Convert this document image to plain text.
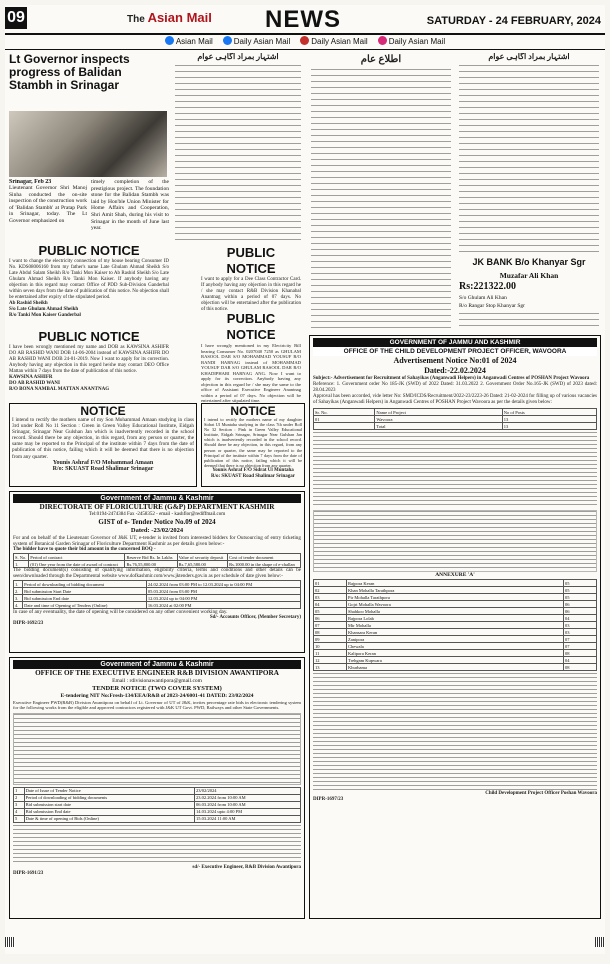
09	The Asian Mail NEWS	SATURDAY - 24 FEBRUARY, 2024
Asian Mail	Daily Asian Mail	Daily Asian Mail	Daily Asian Mail
Lt Governor inspects progress of Balidan Stambh in Srinagar
Srinagar, Feb 23
Lieutenant Governor Shri Manoj Sinha conducted the on-site inspection of the construction work of 'Balidan Stambh' at Pratap Park in Srinagar, today. The Lt Governor emphasized on
timely completion of the prestigious project. The foundation stone for the Balidan Stambh was laid by Hon'ble Union Minister for Home Affairs and Cooperation, Shri Amit Shah, during his visit to Srinagar in the month of June last year.
PUBLIC NOTICE
I want to change the electricity connection of my house bearing Consumer ID No. KDS08006160 from my father's name Late Ghulam Ahmad Sheikh S/o Late Abdul Salam Sheikh R/o Tanki Mon Kaiser to Ab Rashid Sheikh S/o Late Ghulam Ahmad Sheikh R/o Tanki Mon Kaiser. If anybody having any objection in this regard may contact Office of PDD Sub-Division Ganderbal within seven days from the date of publication of this notice. No objection shall be entertained after expiry of the stipulated period.
Ab Rashid Sheikh
S/o Late Ghulam Ahmad Sheikh
R/o Tanki Mon Kaiser Ganderbal
PUBLIC NOTICE
I have been wrongly mentioned my name and DOB as KAWSINA ASHIFR DO AB RASHID WANI DOB 14-06-2004 instead of KAWSINA ASHIFR DO AB RASHID WANI DOB 24-01-2019. Now I want to apply for its correction. Anybody having any objection in this regard he/she may contact DEO Office Mattan within 7 days from the date of publication of this notice.
KAWSINA ASHIFR
DO AB RASHID WANI
R/O BONA NAMBAL MATTAN ANANTNAG
NOTICE
I intend to rectify the mothers name of my Son Mohammad Amaan studying in class 3rd under Roll No 11 Section : Green in Green Valley Educational Institute, Eidgah Srinagar, Srinagar Near Gulshan Jan which is inadvertently recorded in the school record. Should there be any objection, in this regard, from any person or quarter, the same may be reported to the Principal of the institute within 7 days from the date of publication of this notice, failing which it will be deemed that there is no objection from any quarter.
Younis Ashraf F/O Mohammad Amaan
R/o: SKUAST Road Shalimar Srinagar
اشتہار بمراد آگاہی عوام
PUBLIC NOTICE
I want to apply for a Dee Class Contractor Card. If anybody having any objection in this regard he / she may contact R&B Division Khanabal Anantnag within a period of 07 days. No objection will be entertained after the publication of this notice.
PUBLIC NOTICE
I have wrongly mentioned in my Electricity Bill bearing Consumer No. 0207040 7250 as GHULAM RASOOL DAR S/O MOHAMMAD YOUSUF R/O BANDI HARNAG instead of MOHAMMAD YOUSUF DAR S/O GHULAM RASOOL DAR R/O KHADIPHARI HARNAG ANG. Now I want to apply for its correction. Anybody having any objection in this regard he / she may the same to the office of Assistant Executive Engineer Anantnag within a period of 07 days. No objection will be entertained after stipulated time.
NOTICE
I intend to rectify the mothers name of my daughter Sidrat Ul Muntaha studying in the class 7th under Roll No 32 Section : Pink in Green Valley Educational Institute, Eidgah Srinagar, Srinagar Near Gulshan Jan which is inadvertently recorded in the school record. Should there be any objection, in this regard, from any person or quarter, the same may be reported to the Principal of the institute within 7 days from the date of publication of this notice, failing which it will be deemed that there is no objection from any quarter.
Younis Ashraf F/O Sidrat Ul Muntaha
R/o: SKUAST Road Shalimar Srinagar
Government of Jammu & Kashmir
DIRECTORATE OF FLORICULTURE (G&P) DEPARTMENT KASHMIR
Tel:0194-2474384 Fax -2458352 - email - kashflor@rediffmail.com
GIST of e- Tender Notice No.09 of 2024
Dated: -23/02/2024
For and on behalf of the Lieutenant Governor of J&K UT, e-tender is invited from interested bidders for Outsourcing of entry ticketing system of Botanical Garden Srinagar of Floriculture Department Kashmir as per details given below:-
The bidder have to quote their bid amount in the concerned BOQ -
S. No.	Period of contract	Reserve Bid Rs. In Lakhs	Value of security deposit	Cost of tender document
1.	(01) One year from the date of award of contract	Rs.76,55,800.00	Rs.7,65,580.00	Rs.1000.00 in the shape of e-challan
The bidding document(s) consisting of qualifying information, eligibility criteria, terms and conditions and other details can be seen/downloaded through the Departmental website www.dofkashmir.com/www.jktenders.gov.in as per schedule of date given below:-
1.	Period of downloading of bidding document	24.02.2024 from 03:00 PM to 12.03.2024 up to 04:00 PM
2.	Bid submission Start Date	05.03.2024 from 03:00 PM
3.	Bid submission End date	12.03.2024 up to 04:00 PM
4.	Date and time of Opening of Tenders (Online)	16.03.2024 at 02:00 PM
In case of any eventuality, the date of opening will be considered on any other convenient working day.
Sd/- Accounts Officer, (Member Secretary)
DIPR-1692/23
Government of Jammu & Kashmir
OFFICE OF THE EXECUTIVE ENGINEER R&B DIVISION AWANTIPORA
Email : rdivisionawantipora@gmail.com
TENDER NOTICE (TWO COVER SYSTEM)
E-tendering NIT No:Fresh-134/EEA/R&B of 2023-24/6001-41 DATED: 23/02/2024
Executive Engineer PWD(R&B) Division Awantipora on behalf of Lt. Governor of UT of J&K, invites percentage rate bids in electronic tendering system for the following works from the eligible and approved contractors registered with J&K UT Govt. PWD, Railways and other State Governments.
1	Date of Issue of Tender Notice	23/02/2024
2	Period of downloading of bidding documents	23.02.2024 from 10:00 AM
3	Bid submission start date	06.03.2024 from 10:00 AM
4	Bid submission End date	14.03.2024 upto 4:00 PM
5	Date & time of opening of Bids (Online)	15.03.2024 11:00 AM
sd/- Executive Engineer, R&B Division Awantipora
DIPR-1691/23
اطلاع عام	اشتہار بمراد آگاہی عوام
JK BANK B/o Khanyar Sgr
Muzafar Ali Khan
Rs:221322.00
S/o Ghulam Ali Khan
R/o Rangar Stop Khanyar Sgr
GOVERNMENT OF JAMMU AND KASHMIR
OFFICE OF THE CHILD DEVELOPMENT PROJECT OFFICER, WAVOORA
Advertisement Notice No:01 of 2024
Dated:-22.02.2024
Subject:- Advertisement for Recruitment of Sahayikas (Anganwadi Helpers) in Anganwadi Centres of POSHAN Project Wavoora
Reference: 1. Government order No 185-JK (SWD) of 2022 Dated: 31.03.2022 2. Government Order No.165-JK (SWD) of 2023 dated: 28.04.2023
Approval has been accorded, vide letter No: SMD/ICDS/Recruitment/2022-23/2223-26 Dated: 21-02-2024 for filling up of various vacancies of Sahayikas (Anganwadi Helpers) in Anganwadi Centres of POSHAN Project Wavoora as per the details given below:
Sr. No.	Name of Project	No of Posts
01	Wavoora	13
	Total	13
ANNEXURE 'A'
01	Rajpora Keran	05
02	Khan Mohalla Tarathpora	05
03	Pir Mohalla Tarathpora	05
04	Gojri Mohalla Wavoora	06
05	Shahkoo Mohalla	06
06	Rajpora Lolab	04
07	Mir Mohalla	03
08	Khansara Keran	03
09	Zanipora	07
10	Chewala	07
11	Kalipora Keran	08
12	Trehgam Kupwara	04
13	Khurhama	08
Child Development Project Officer Poshan Wavoora
DIPR-1697/23
